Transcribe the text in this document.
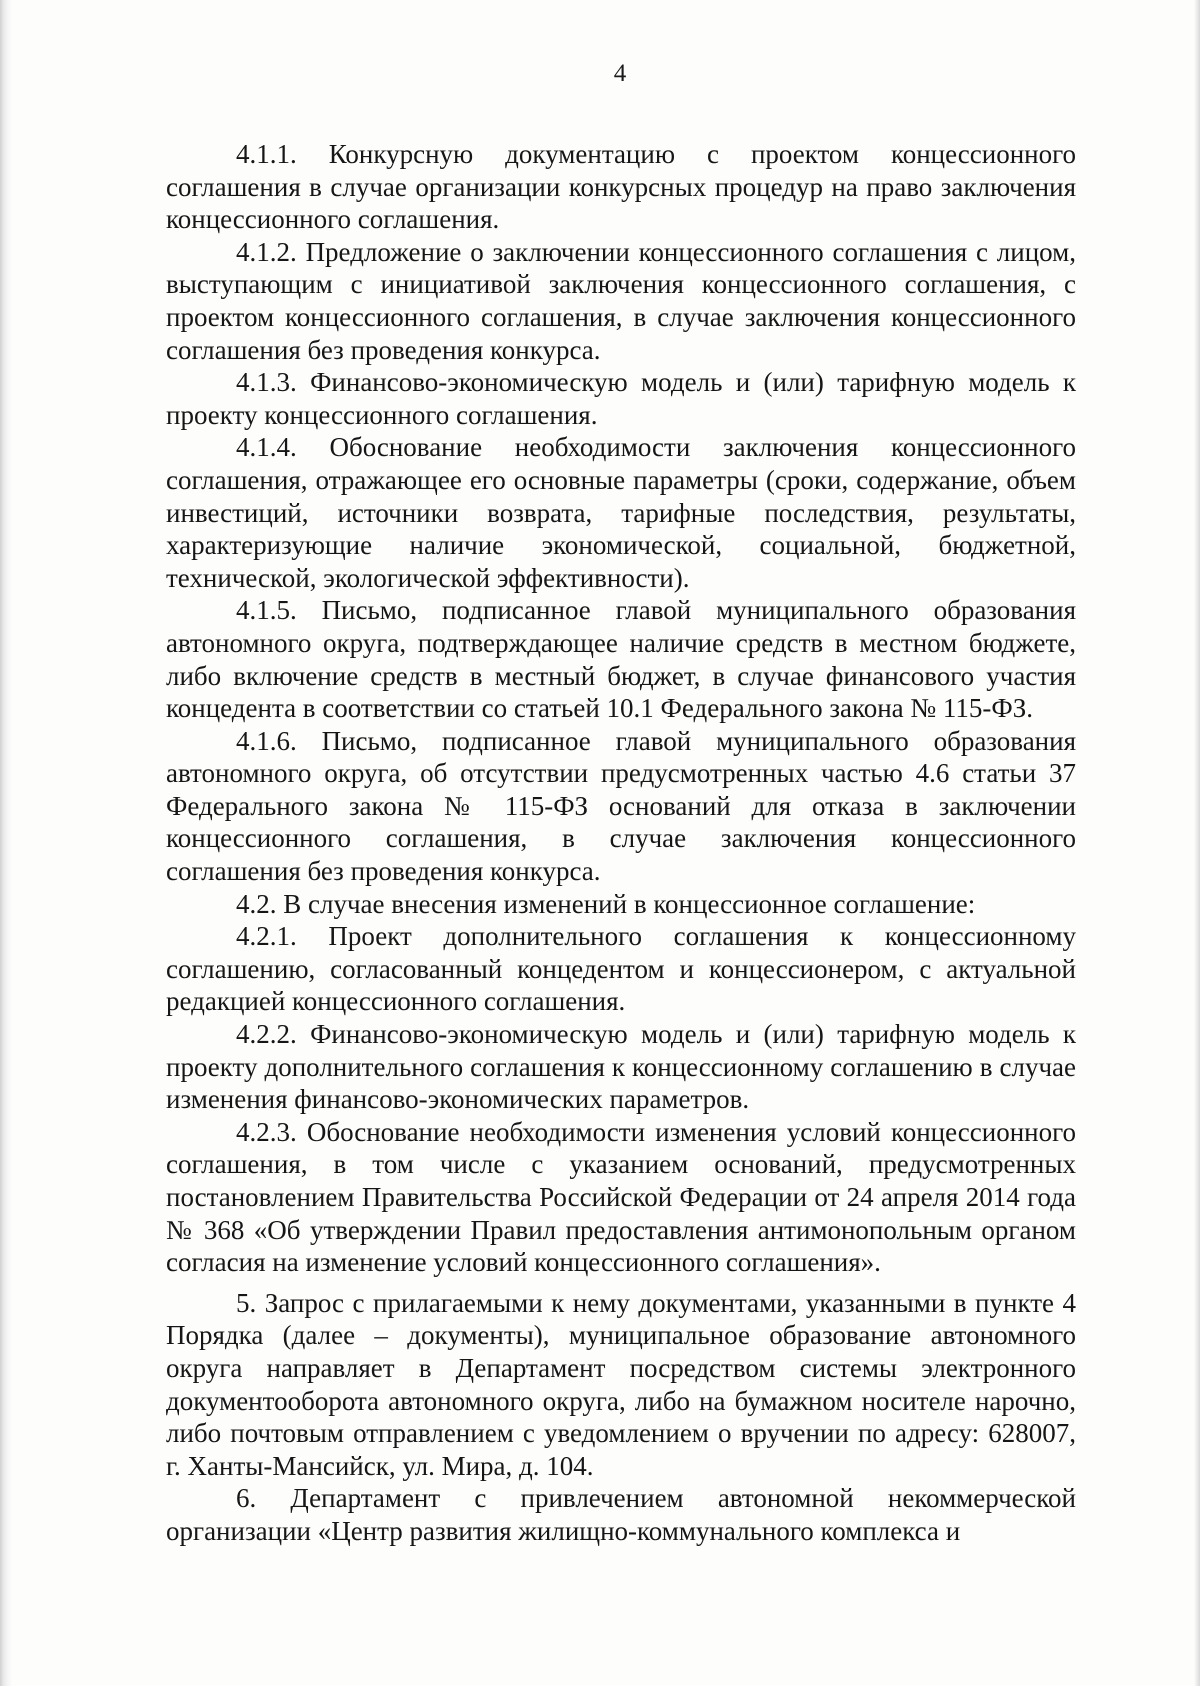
4

4.1.1. Конкурсную документацию с проектом концессионного соглашения в случае организации конкурсных процедур на право заключения концессионного соглашения.

4.1.2. Предложение о заключении концессионного соглашения с лицом, выступающим с инициативой заключения концессионного соглашения, с проектом концессионного соглашения, в случае заключения концессионного соглашения без проведения конкурса.

4.1.3. Финансово-экономическую модель и (или) тарифную модель к проекту концессионного соглашения.

4.1.4. Обоснование необходимости заключения концессионного соглашения, отражающее его основные параметры (сроки, содержание, объем инвестиций, источники возврата, тарифные последствия, результаты, характеризующие наличие экономической, социальной, бюджетной, технической, экологической эффективности).

4.1.5. Письмо, подписанное главой муниципального образования автономного округа, подтверждающее наличие средств в местном бюджете, либо включение средств в местный бюджет, в случае финансового участия концедента в соответствии со статьей 10.1 Федерального закона № 115-ФЗ.

4.1.6. Письмо, подписанное главой муниципального образования автономного округа, об отсутствии предусмотренных частью 4.6 статьи 37 Федерального закона № 115-ФЗ оснований для отказа в заключении концессионного соглашения, в случае заключения концессионного соглашения без проведения конкурса.

4.2. В случае внесения изменений в концессионное соглашение:

4.2.1. Проект дополнительного соглашения к концессионному соглашению, согласованный концедентом и концессионером, с актуальной редакцией концессионного соглашения.

4.2.2. Финансово-экономическую модель и (или) тарифную модель к проекту дополнительного соглашения к концессионному соглашению в случае изменения финансово-экономических параметров.

4.2.3. Обоснование необходимости изменения условий концессионного соглашения, в том числе с указанием оснований, предусмотренных постановлением Правительства Российской Федерации от 24 апреля 2014 года № 368 «Об утверждении Правил предоставления антимонопольным органом согласия на изменение условий концессионного соглашения».

5. Запрос с прилагаемыми к нему документами, указанными в пункте 4 Порядка (далее – документы), муниципальное образование автономного округа направляет в Департамент посредством системы электронного документооборота автономного округа, либо на бумажном носителе нарочно, либо почтовым отправлением с уведомлением о вручении по адресу: 628007, г. Ханты-Мансийск, ул. Мира, д. 104.

6. Департамент с привлечением автономной некоммерческой организации «Центр развития жилищно-коммунального комплекса и
